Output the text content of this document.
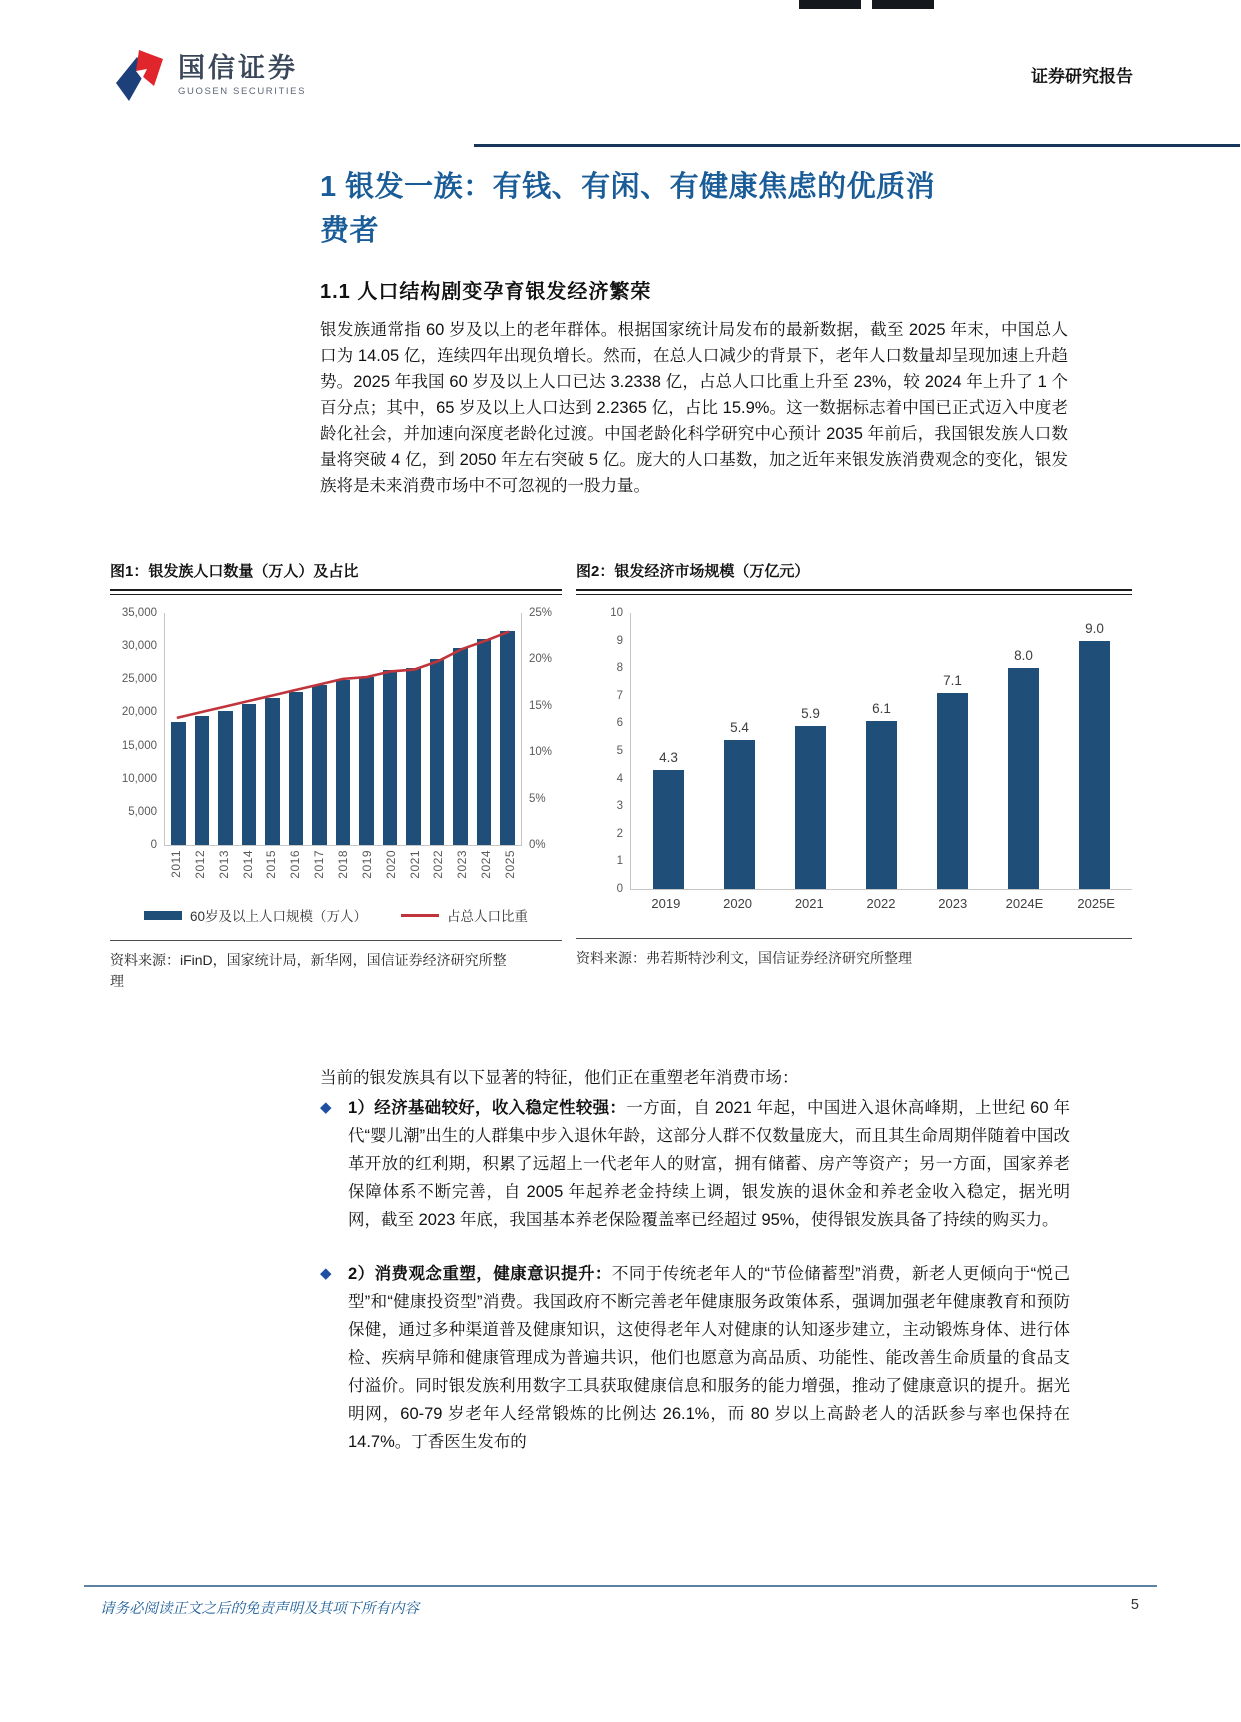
国信证券
GUOSEN SECURITIES
证券研究报告
1 银发一族：有钱、有闲、有健康焦虑的优质消费者
1.1 人口结构剧变孕育银发经济繁荣

银发族通常指 60 岁及以上的老年群体。根据国家统计局发布的最新数据，截至 2025 年末，中国总人口为 14.05 亿，连续四年出现负增长。然而，在总人口减少的背景下，老年人口数量却呈现加速上升趋势。2025 年我国 60 岁及以上人口已达 3.2338 亿，占总人口比重上升至 23%，较 2024 年上升了 1 个百分点；其中，65 岁及以上人口达到 2.2365 亿，占比 15.9%。这一数据标志着中国已正式迈入中度老龄化社会，并加速向深度老龄化过渡。中国老龄化科学研究中心预计 2035 年前后，我国银发族人口数量将突破 4 亿，到 2050 年左右突破 5 亿。庞大的人口基数，加之近年来银发族消费观念的变化，银发族将是未来消费市场中不可忽视的一股力量。

图1：银发族人口数量（万人）及占比
35,000
30,000
25,000
20,000
15,000
10,000
5,000
0
25%
20%
15%
10%
5%
0%
2011 2012 2013 2014 2015 2016 2017 2018 2019 2020 2021 2022 2023 2024 2025
60岁及以上人口规模（万人）	占总人口比重
资料来源：iFinD，国家统计局，新华网，国信证券经济研究所整理
图2：银发经济市场规模（万亿元）
10
9
8
7
6
5
4
3
2
1
0
4.3
5.4
5.9	6.1
7.1
8.0
9.0
2019	2020	2021	2022	2023	2024E	2025E
资料来源：弗若斯特沙利文，国信证券经济研究所整理

当前的银发族具有以下显著的特征，他们正在重塑老年消费市场：

◆ 1）经济基础较好，收入稳定性较强：一方面，自 2021 年起，中国进入退休高峰期，上世纪 60 年代“婴儿潮”出生的人群集中步入退休年龄，这部分人群不仅数量庞大，而且其生命周期伴随着中国改革开放的红利期，积累了远超上一代老年人的财富，拥有储蓄、房产等资产；另一方面，国家养老保障体系不断完善，自 2005 年起养老金持续上调，银发族的退休金和养老金收入稳定，据光明网，截至 2023 年底，我国基本养老保险覆盖率已经超过 95%，使得银发族具备了持续的购买力。
◆ 2）消费观念重塑，健康意识提升：不同于传统老年人的“节俭储蓄型”消费，新老人更倾向于“悦己型”和“健康投资型”消费。我国政府不断完善老年健康服务政策体系，强调加强老年健康教育和预防保健，通过多种渠道普及健康知识，这使得老年人对健康的认知逐步建立，主动锻炼身体、进行体检、疾病早筛和健康管理成为普遍共识，他们也愿意为高品质、功能性、能改善生命质量的食品支付溢价。同时银发族利用数字工具获取健康信息和服务的能力增强，推动了健康意识的提升。据光明网，60-79 岁老年人经常锻炼的比例达 26.1%，而 80 岁以上高龄老人的活跃参与率也保持在 14.7%。丁香医生发布的
请务必阅读正文之后的免责声明及其项下所有内容	5
